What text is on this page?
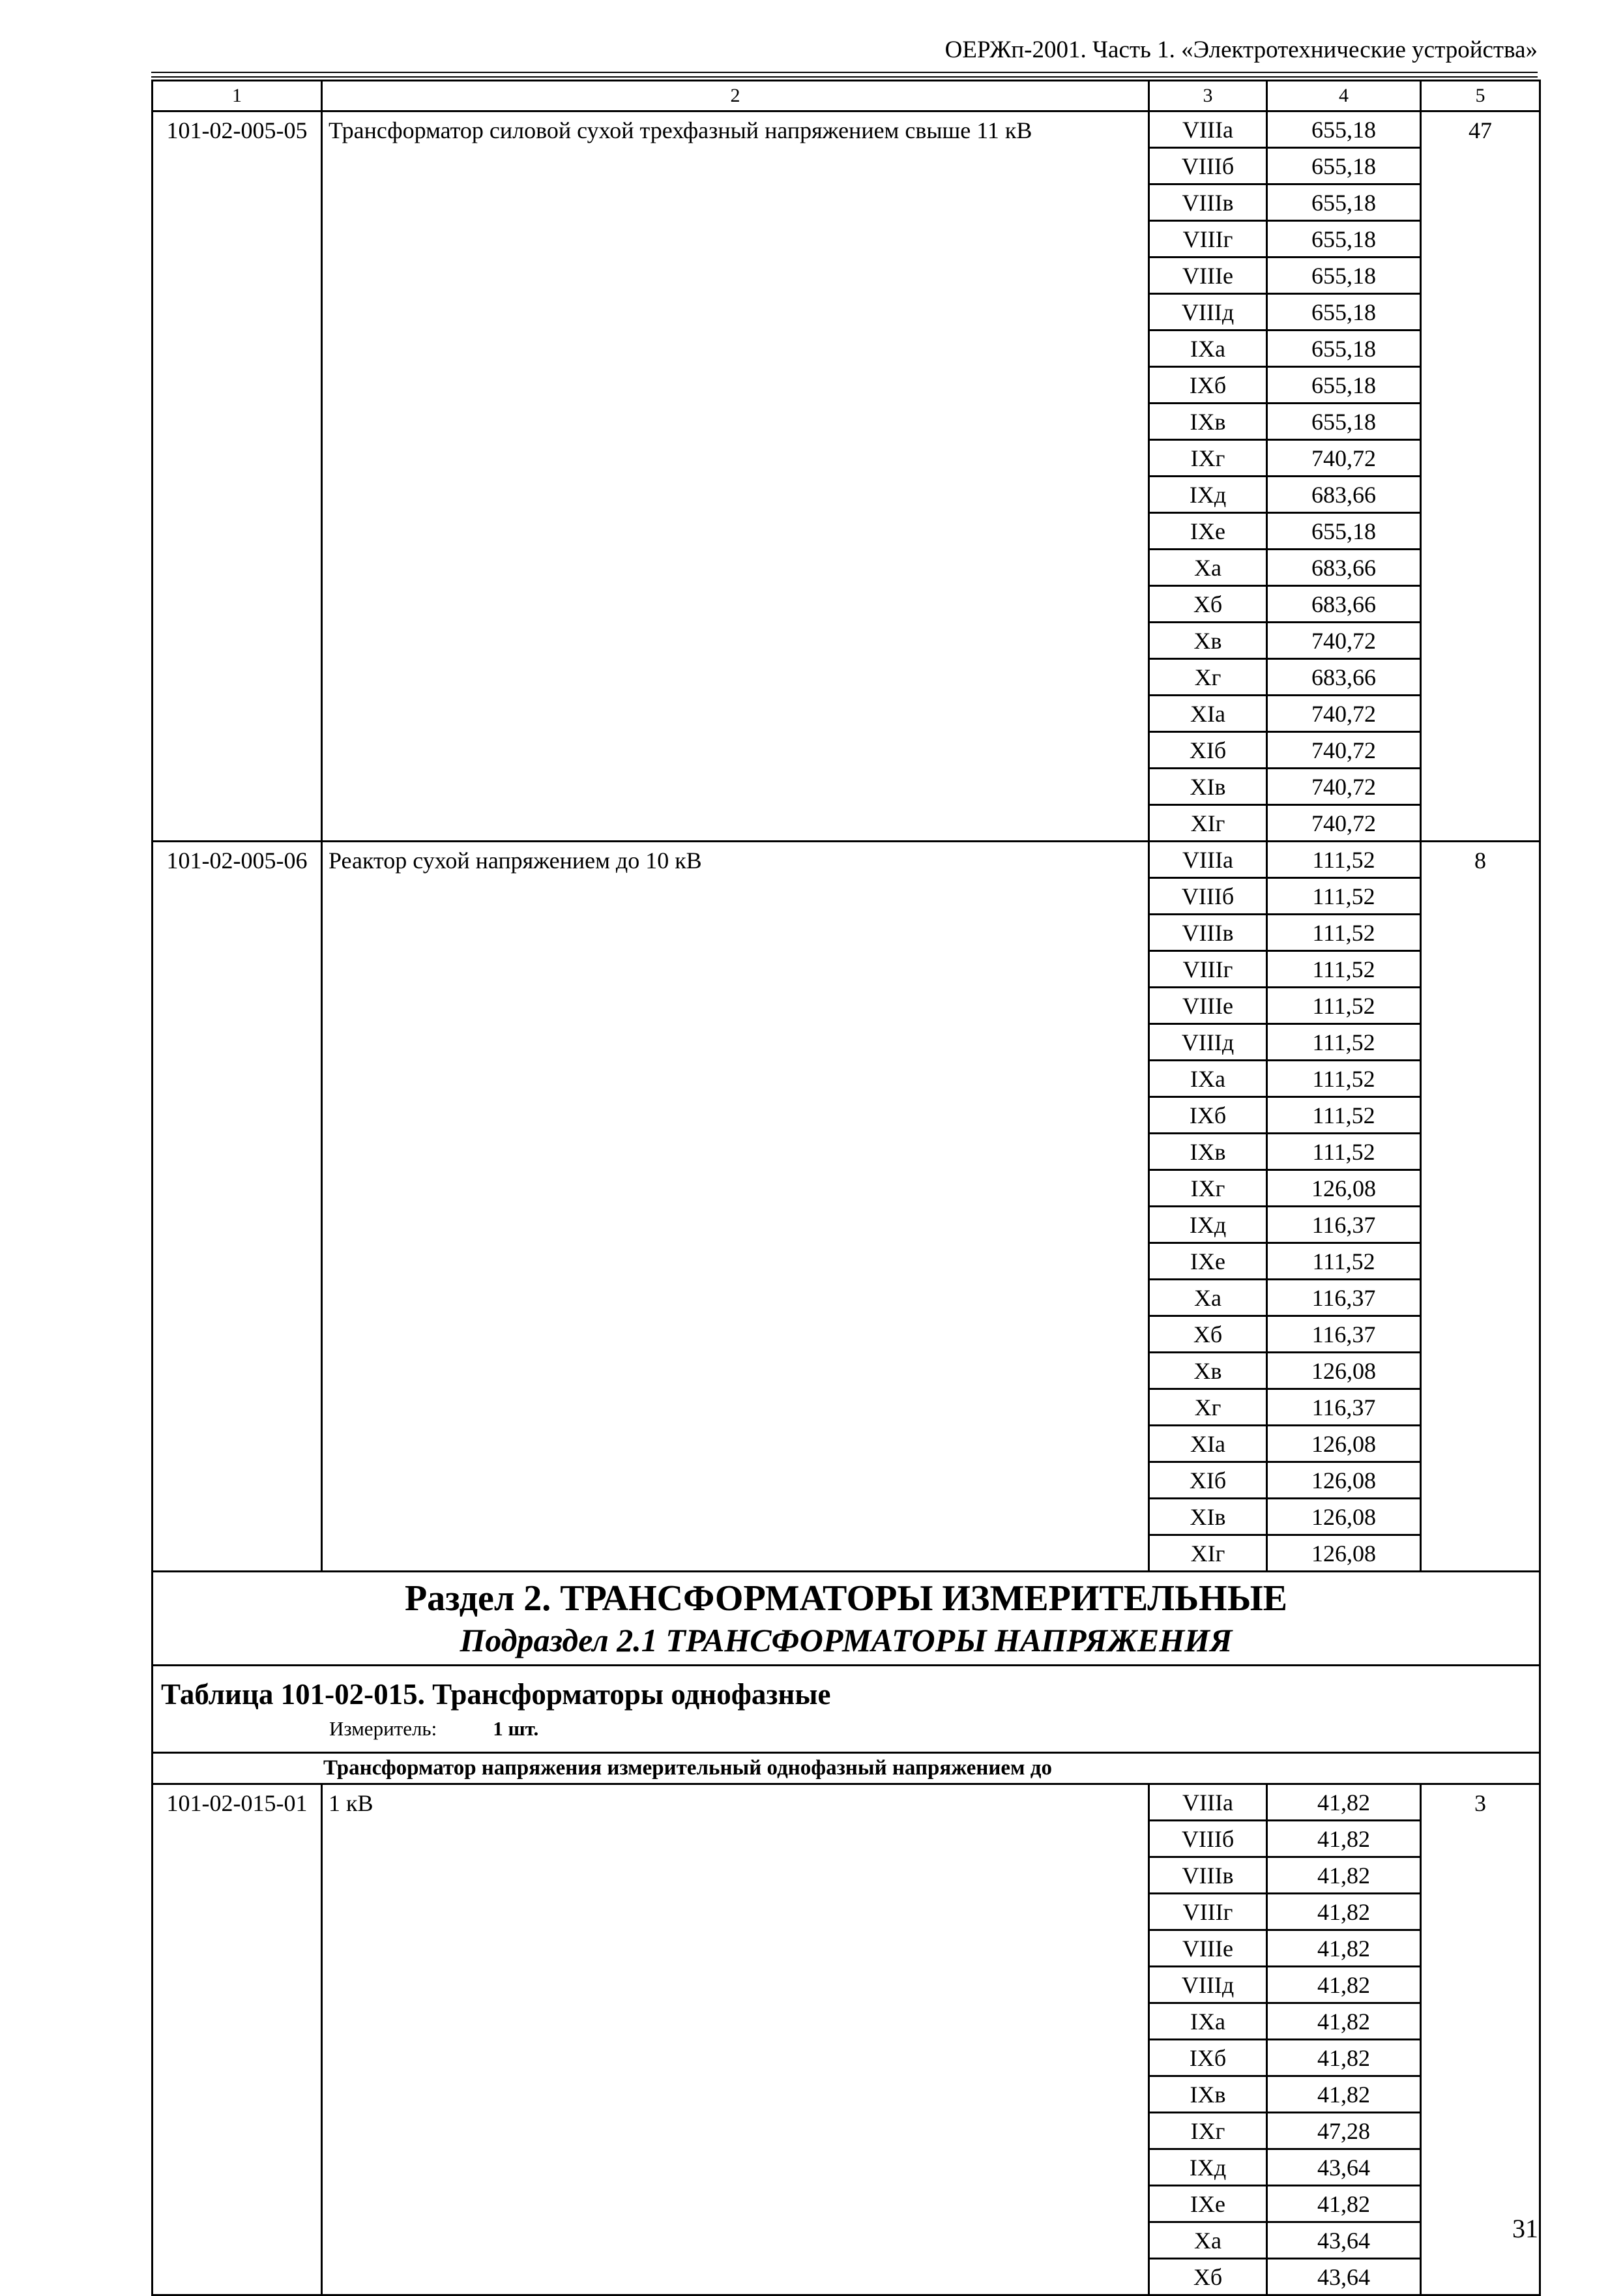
ОЕРЖп-2001. Часть 1. «Электротехнические устройства»
1	2	3	4	5
101-02-005-05	Трансформатор силовой сухой трехфазный напряжением свыше 11 кВ	VIIIа	655,18	47
		VIIIб	655,18	
		VIIIв	655,18	
		VIIIг	655,18	
		VIIIе	655,18	
		VIIIд	655,18	
		IXа	655,18	
		IXб	655,18	
		IXв	655,18	
		IXг	740,72	
		IXд	683,66	
		IXе	655,18	
		Xа	683,66	
		Xб	683,66	
		Xв	740,72	
		Xг	683,66	
		XIа	740,72	
		XIб	740,72	
		XIв	740,72	
		XIг	740,72	
101-02-005-06	Реактор сухой напряжением до 10 кВ	VIIIа	111,52	8
		VIIIб	111,52	
		VIIIв	111,52	
		VIIIг	111,52	
		VIIIе	111,52	
		VIIIд	111,52	
		IXа	111,52	
		IXб	111,52	
		IXв	111,52	
		IXг	126,08	
		IXд	116,37	
		IXе	111,52	
		Xа	116,37	
		Xб	116,37	
		Xв	126,08	
		Xг	116,37	
		XIа	126,08	
		XIб	126,08	
		XIв	126,08	
		XIг	126,08	

Раздел 2. ТРАНСФОРМАТОРЫ ИЗМЕРИТЕЛЬНЫЕ
Подраздел 2.1 ТРАНСФОРМАТОРЫ НАПРЯЖЕНИЯ				

Таблица 101-02-015. Трансформаторы однофазные
Измеритель: 1 шт.				

Трансформатор напряжения измерительный однофазный напряжением до				
101-02-015-01	1 кВ	VIIIа	41,82	3
		VIIIб	41,82	
		VIIIв	41,82	
		VIIIг	41,82	
		VIIIе	41,82	
		VIIIд	41,82	
		IXа	41,82	
		IXб	41,82	
		IXв	41,82	
		IXг	47,28	
		IXд	43,64	
		IXе	41,82	
		Xа	43,64	
		Xб	43,64	
31
